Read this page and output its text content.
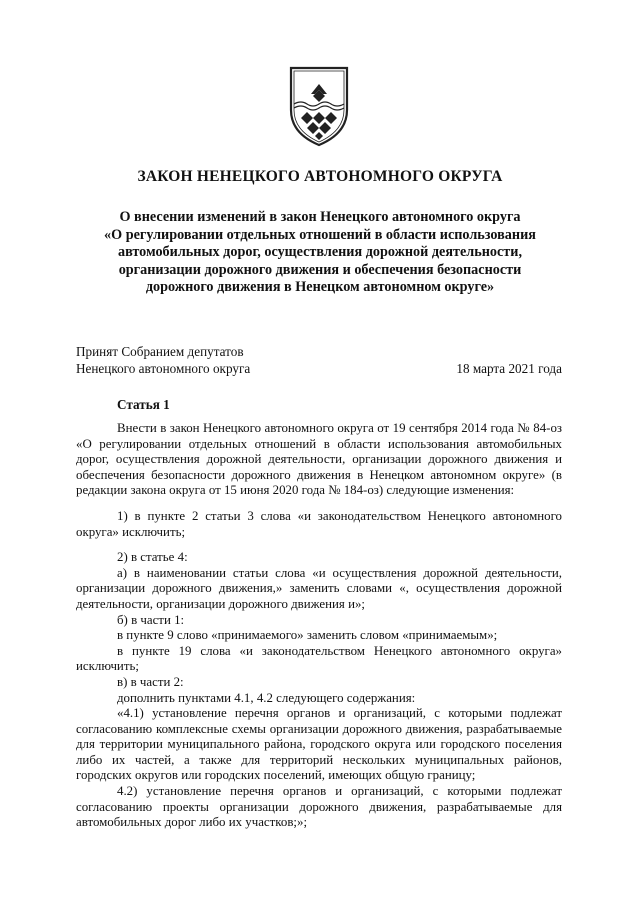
ЗАКОН НЕНЕЦКОГО АВТОНОМНОГО ОКРУГА
О внесении изменений в закон Ненецкого автономного округа
«О регулировании отдельных отношений в области использования
автомобильных дорог, осуществления дорожной деятельности,
организации дорожного движения и обеспечения безопасности
дорожного движения в Ненецком автономном округе»
Принят Собранием депутатов
Ненецкого автономного округа	18 марта 2021 года
Статья 1
Внести в закон Ненецкого автономного округа от 19 сентября 2014 года № 84-оз «О регулировании отдельных отношений в области использования автомобильных дорог, осуществления дорожной деятельности, организации дорожного движения и обеспечения безопасности дорожного движения в Ненецком автономном округе» (в редакции закона округа от 15 июня 2020 года № 184-оз) следующие изменения:
1) в пункте 2 статьи 3 слова «и законодательством Ненецкого автономного округа» исключить;
2) в статье 4:
а) в наименовании статьи слова «и осуществления дорожной деятельности, организации дорожного движения,» заменить словами «, осуществления дорожной деятельности, организации дорожного движения и»;
б) в части 1:
в пункте 9 слово «принимаемого» заменить словом «принимаемым»;
в пункте 19 слова «и законодательством Ненецкого автономного округа» исключить;
в) в части 2:
дополнить пунктами 4.1, 4.2 следующего содержания:
«4.1) установление перечня органов и организаций, с которыми подлежат согласованию комплексные схемы организации дорожного движения, разрабатываемые для территории муниципального района, городского округа или городского поселения либо их частей, а также для территорий нескольких муниципальных районов, городских округов или городских поселений, имеющих общую границу;
4.2) установление перечня органов и организаций, с которыми подлежат согласованию проекты организации дорожного движения, разрабатываемые для автомобильных дорог либо их участков;»;
